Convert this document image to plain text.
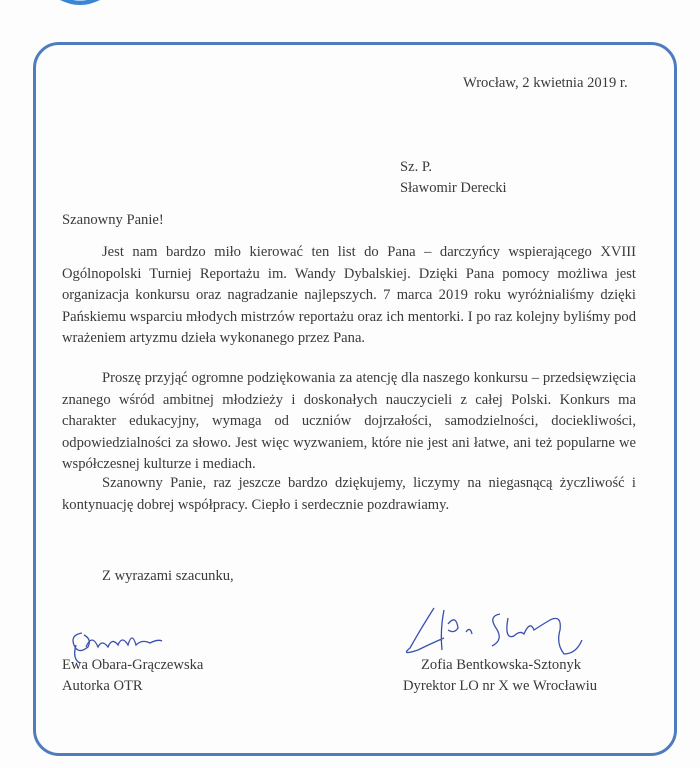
Wrocław, 2 kwietnia 2019 r.
Sz. P.
Sławomir Derecki
Szanowny Panie!

Jest nam bardzo miło kierować ten list do Pana – darczyńcy wspierającego XVIII Ogólnopolski Turniej Reportażu im. Wandy Dybalskiej. Dzięki Pana pomocy możliwa jest organizacja konkursu oraz nagradzanie najlepszych. 7 marca 2019 roku wyróżnialiśmy dzięki Pańskiemu wsparciu młodych mistrzów reportażu oraz ich mentorki. I po raz kolejny byliśmy pod wrażeniem artyzmu dzieła wykonanego przez Pana.

Proszę przyjąć ogromne podziękowania za atencję dla naszego konkursu – przedsięwzięcia znanego wśród ambitnej młodzieży i doskonałych nauczycieli z całej Polski. Konkurs ma charakter edukacyjny, wymaga od uczniów dojrzałości, samodzielności, dociekliwości, odpowiedzialności za słowo. Jest więc wyzwaniem, które nie jest ani łatwe, ani też popularne we współczesnej kulturze i mediach.

Szanowny Panie, raz jeszcze bardzo dziękujemy, liczymy na niegasnącą życzliwość i kontynuację dobrej współpracy. Ciepło i serdecznie pozdrawiamy.

Z wyrazami szacunku,
Ewa Obara-Grączewska
Autorka OTR
Zofia Bentkowska-Sztonyk
Dyrektor LO nr X we Wrocławiu
